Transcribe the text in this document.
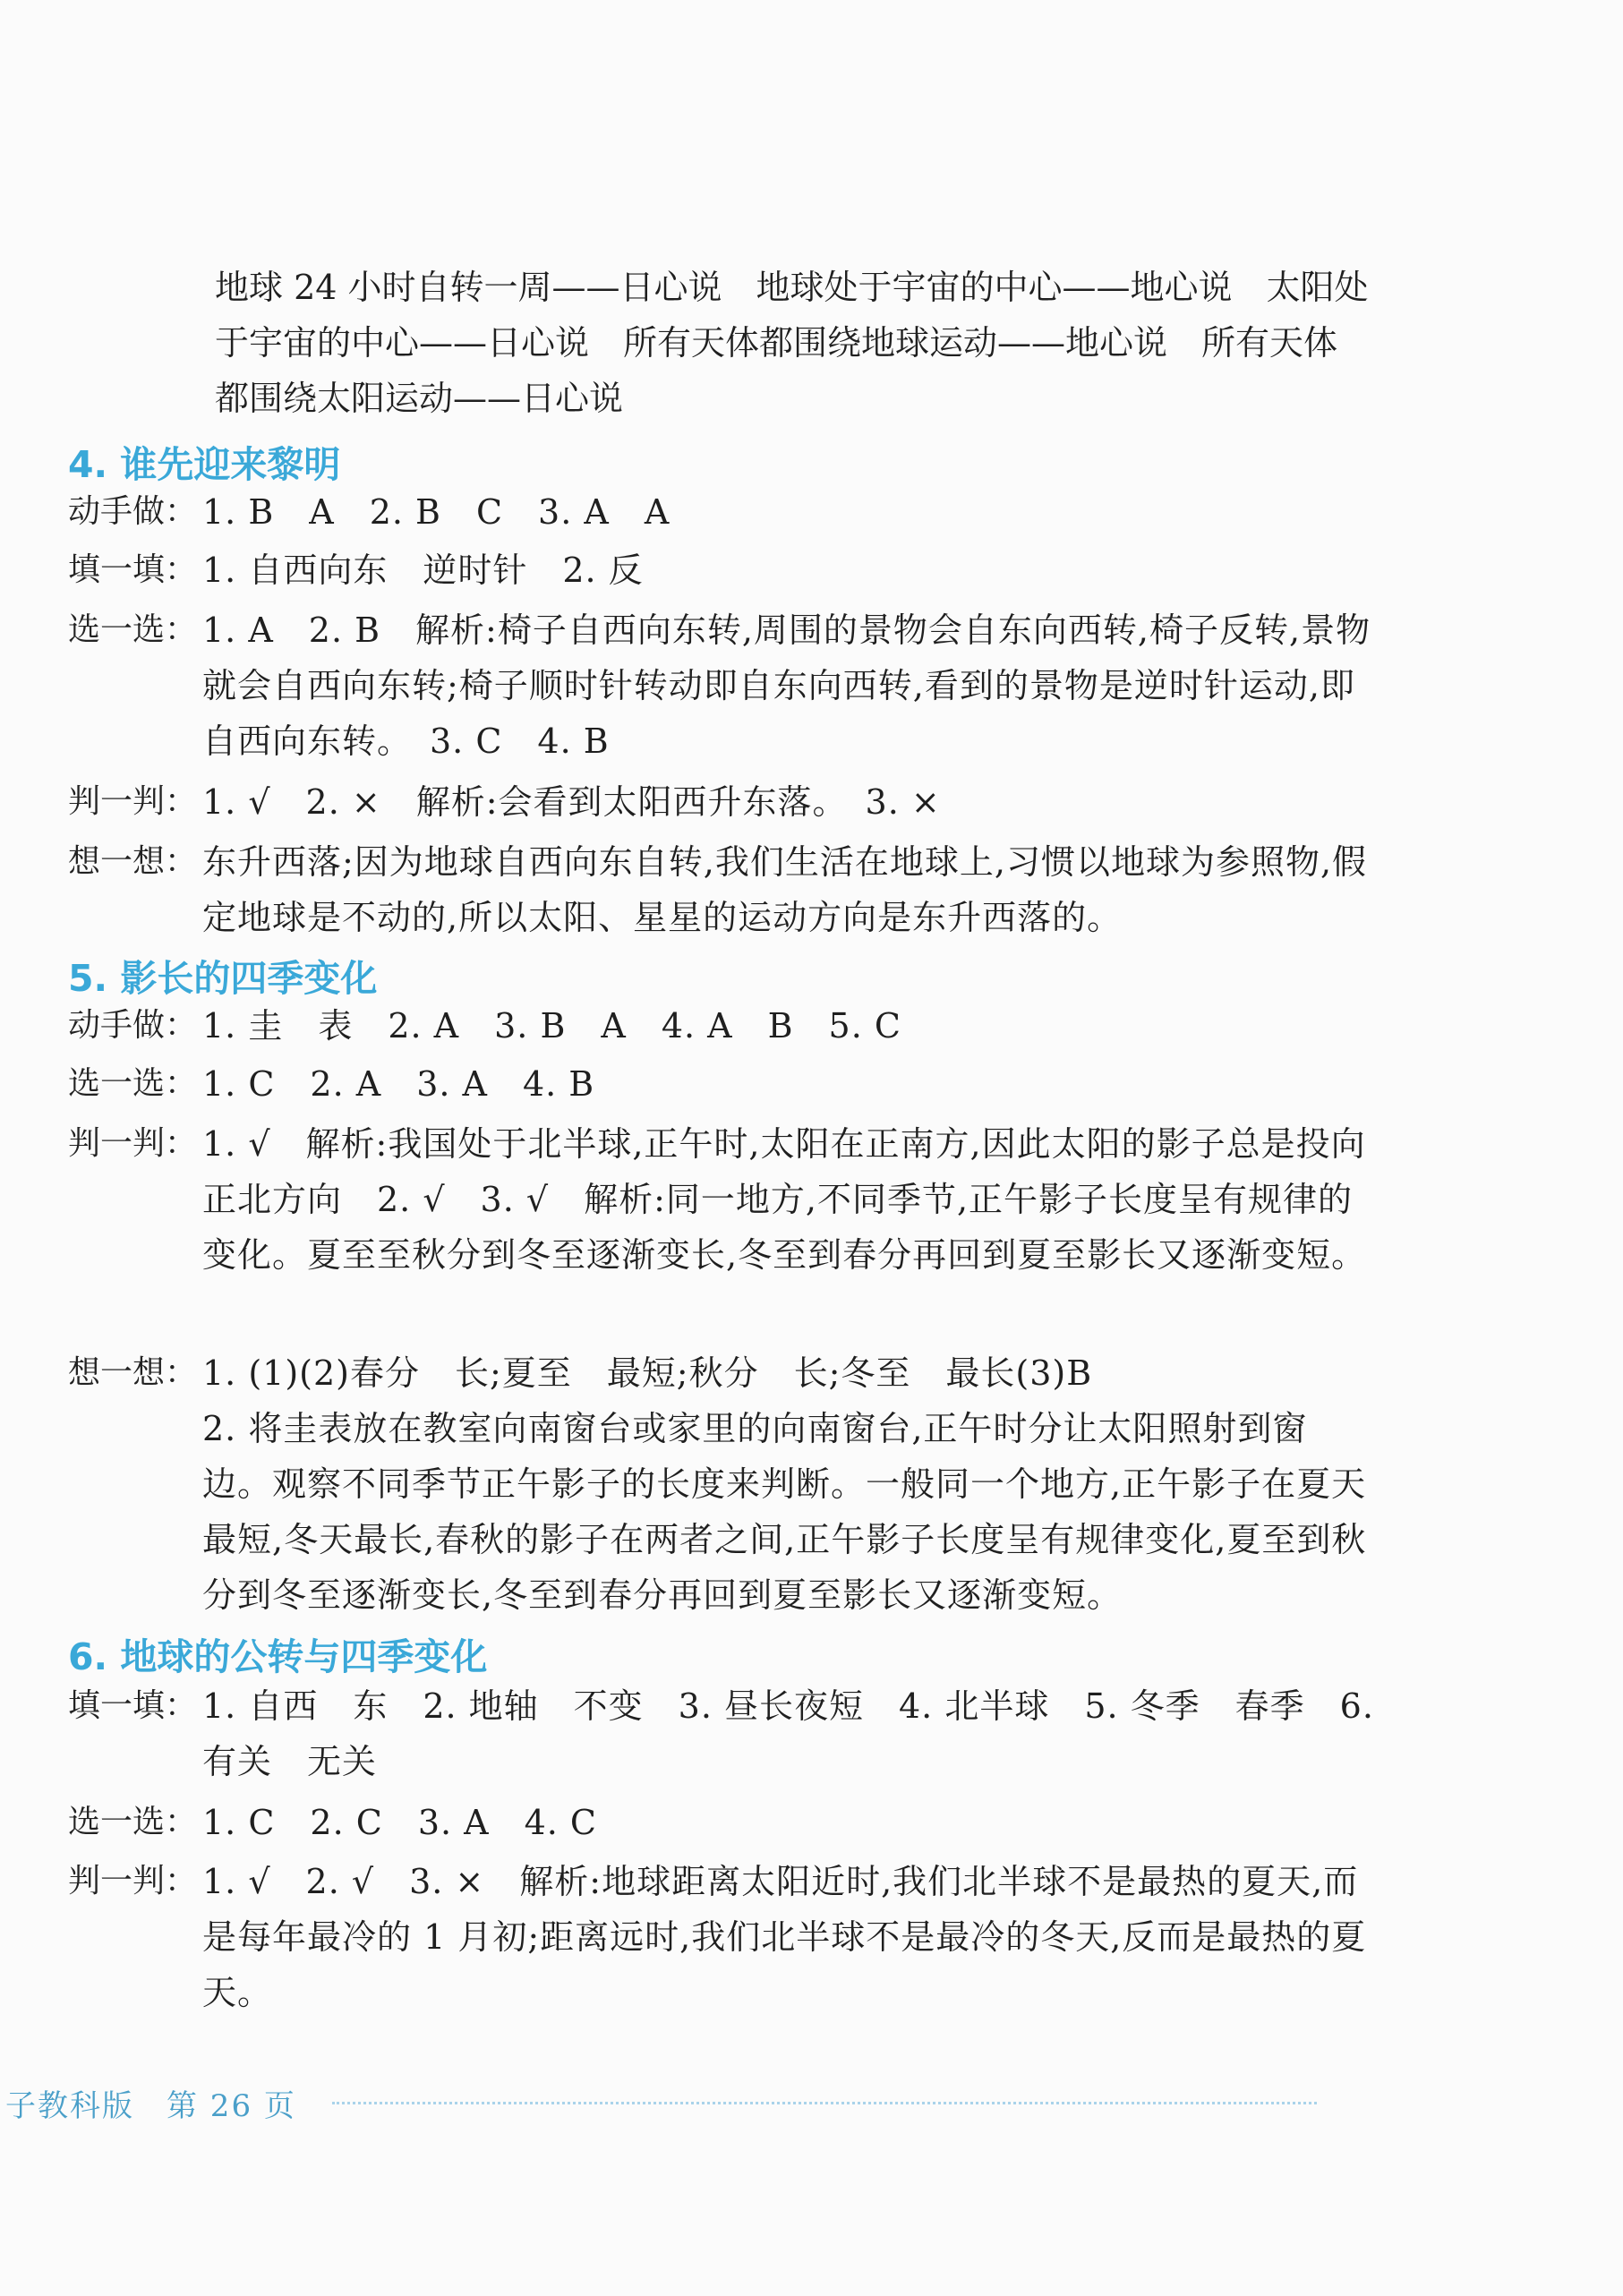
地球 24 小时自转一周——日心说　地球处于宇宙的中心——地心说　太阳处于宇宙的中心——日心说　所有天体都围绕地球运动——地心说　所有天体都围绕太阳运动——日心说

4. 谁先迎来黎明
动手做： 1. B　A　2. B　C　3. A　A

填一填： 1. 自西向东　逆时针　2. 反

选一选： 1. A　2. B　解析:椅子自西向东转,周围的景物会自东向西转,椅子反转,景物就会自西向东转;椅子顺时针转动即自东向西转,看到的景物是逆时针运动,即自西向东转。　3. C　4. B

判一判： 1. √　2. ×　解析:会看到太阳西升东落。　3. ×

想一想： 东升西落;因为地球自西向东自转,我们生活在地球上,习惯以地球为参照物,假定地球是不动的,所以太阳、星星的运动方向是东升西落的。

5. 影长的四季变化
动手做： 1. 圭　表　2. A　3. B　A　4. A　B　5. C

选一选： 1. C　2. A　3. A　4. B

判一判： 1. √　解析:我国处于北半球,正午时,太阳在正南方,因此太阳的影子总是投向正北方向　2. √　3. √　解析:同一地方,不同季节,正午影子长度呈有规律的变化。夏至至秋分到冬至逐渐变长,冬至到春分再回到夏至影长又逐渐变短。

想一想： 1. (1)(2)春分　长;夏至　最短;秋分　长;冬至　最长(3)B

2. 将圭表放在教室向南窗台或家里的向南窗台,正午时分让太阳照射到窗边。观察不同季节正午影子的长度来判断。一般同一个地方,正午影子在夏天最短,冬天最长,春秋的影子在两者之间,正午影子长度呈有规律变化,夏至到秋分到冬至逐渐变长,冬至到春分再回到夏至影长又逐渐变短。

6. 地球的公转与四季变化
填一填： 1. 自西　东　2. 地轴　不变　3. 昼长夜短　4. 北半球　5. 冬季　春季　6. 有关　无关

选一选： 1. C　2. C　3. A　4. C

判一判： 1. √　2. √　3. ×　解析:地球距离太阳近时,我们北半球不是最热的夏天,而是每年最冷的 1 月初;距离远时,我们北半球不是最冷的冬天,反而是最热的夏天。

子教科版　第 26 页
